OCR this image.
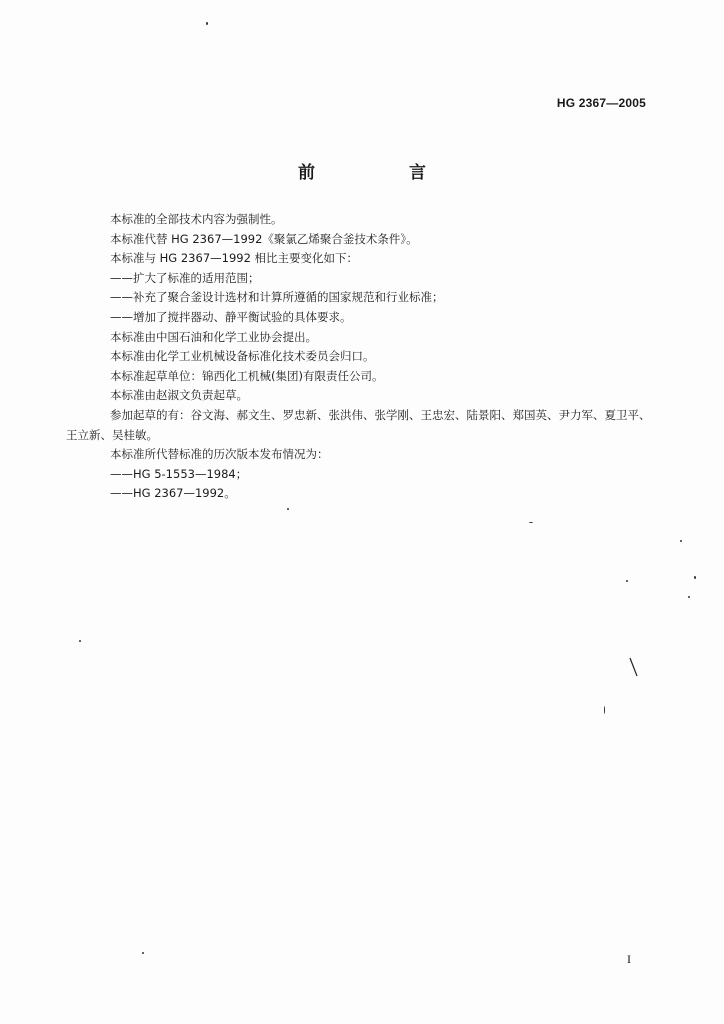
HG 2367—2005
前 言

本标准的全部技术内容为强制性。

本标准代替 HG 2367—1992《聚氯乙烯聚合釜技术条件》。

本标准与 HG 2367—1992 相比主要变化如下：

——扩大了标准的适用范围；

——补充了聚合釜设计选材和计算所遵循的国家规范和行业标准；

——增加了搅拌器动、静平衡试验的具体要求。

本标准由中国石油和化学工业协会提出。

本标准由化学工业机械设备标准化技术委员会归口。

本标准起草单位：锦西化工机械(集团)有限责任公司。

本标准由赵淑文负责起草。

参加起草的有：谷文海、郝文生、罗忠新、张洪伟、张学刚、王忠宏、陆景阳、郑国英、尹力军、夏卫平、王立新、吴桂敏。

本标准所代替标准的历次版本发布情况为：

——HG 5-1553—1984；

——HG 2367—1992。

I
